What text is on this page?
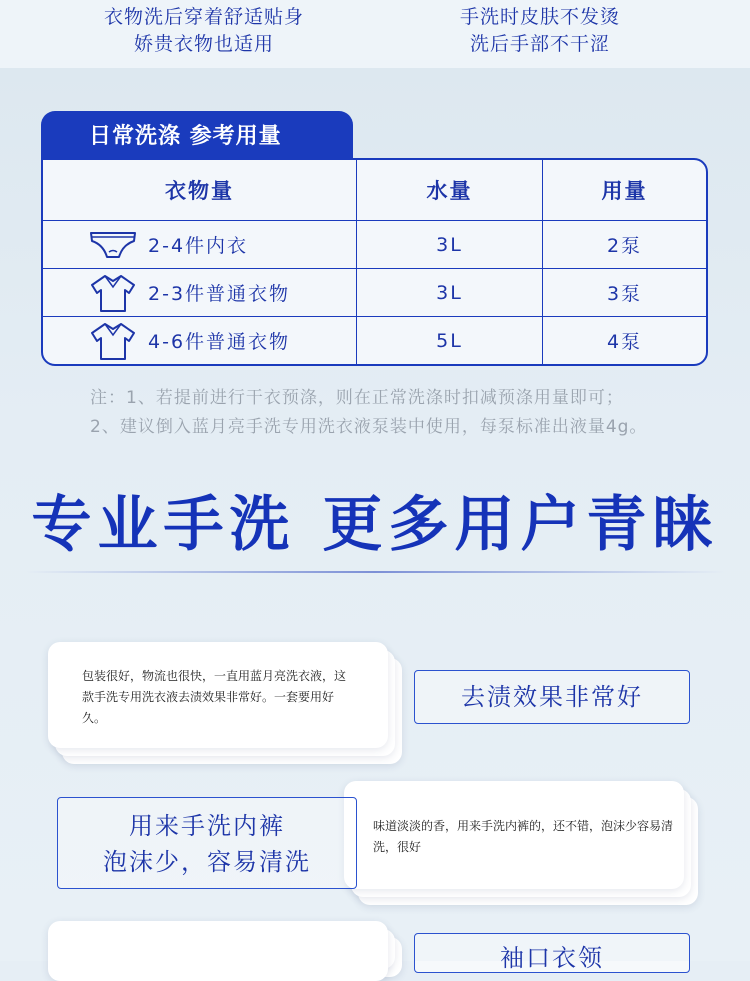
衣物洗后穿着舒适贴身
娇贵衣物也适用
手洗时皮肤不发烫
洗后手部不干涩
日常洗涤 参考用量
衣物量	水量	用量

2-4件内衣	3L	2泵

2-3件普通衣物	3L	3泵

4-6件普通衣物	5L	4泵
注：1、若提前进行干衣预涤，则在正常洗涤时扣减预涤用量即可；
2、建议倒入蓝月亮手洗专用洗衣液泵装中使用，每泵标准出液量4g。
专业手洗 更多用户青睐
包装很好，物流也很快，一直用蓝月亮洗衣液，这款手洗专用洗衣液去渍效果非常好。一套要用好久。
去渍效果非常好
味道淡淡的香，用来手洗内裤的，还不错，泡沫少容易清洗，很好
用来手洗内裤
泡沫少，容易清洗
袖口衣领
